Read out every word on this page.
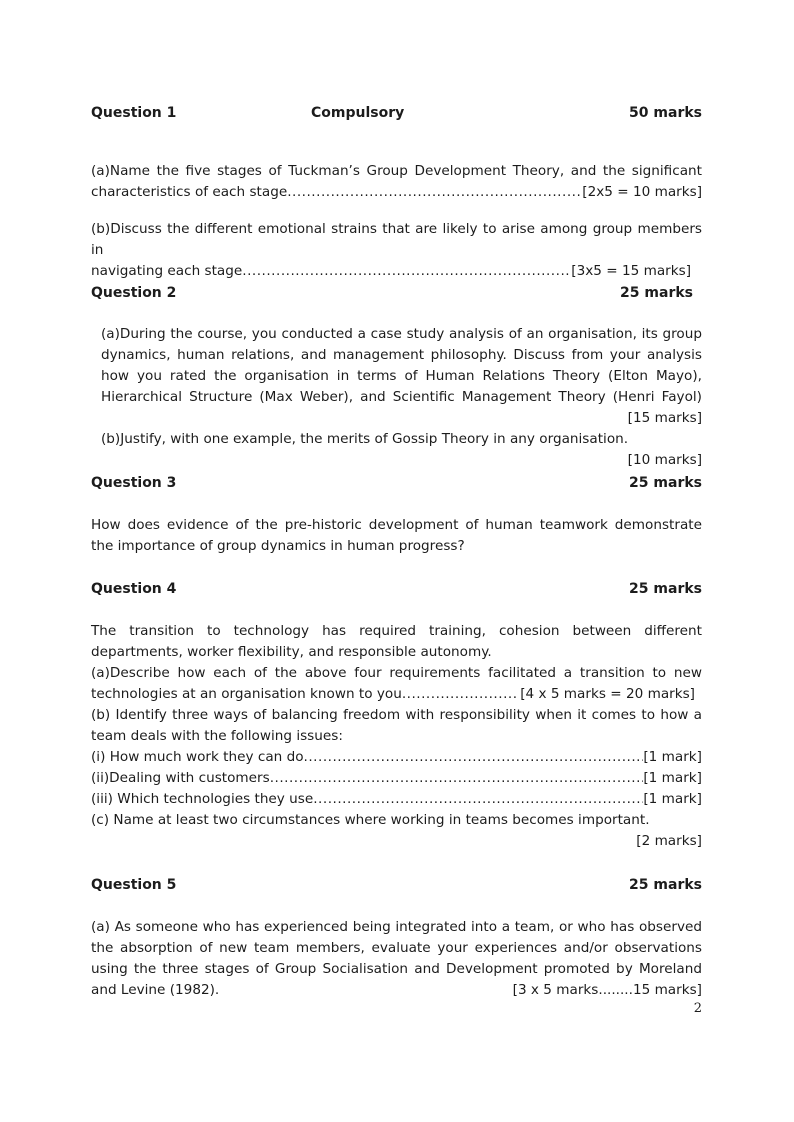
Question 1	Compulsory	50 marks
(a)Name the five stages of Tuckman’s Group Development Theory, and the significant
characteristics of each stage .....	[2x5 = 10 marks]
(b)Discuss the different emotional strains that are likely to arise among group members in
navigating each stage .....	[3x5 = 15 marks]
Question 2	25 marks
(a)During the course, you conducted a case study analysis of an organisation, its group
dynamics, human relations, and management philosophy. Discuss from your analysis
how you rated the organisation in terms of Human Relations Theory (Elton Mayo),
Hierarchical Structure (Max Weber), and Scientific Management Theory (Henri Fayol)
[15 marks]
(b)Justify, with one example, the merits of Gossip Theory in any organisation.
[10 marks]
Question 3	25 marks
How does evidence of the pre-historic development of human teamwork demonstrate
the importance of group dynamics in human progress?
Question 4	25 marks
The transition to technology has required training, cohesion between different
departments, worker flexibility, and responsible autonomy.
(a)Describe how each of the above four requirements facilitated a transition to new
technologies at an organisation known to you .....	[4 x 5 marks = 20 marks]
(b) Identify three ways of balancing freedom with responsibility when it comes to how a
team deals with the following issues:
(i) How much work they can do .....	[1 mark]
(ii)Dealing with customers .....	[1 mark]
(iii) Which technologies they use .....	[1 mark]
(c) Name at least two circumstances where working in teams becomes important.
[2 marks]
Question 5	25 marks
(a) As someone who has experienced being integrated into a team, or who has observed
the absorption of new team members, evaluate your experiences and/or observations
using the three stages of Group Socialisation and Development promoted by Moreland
and Levine (1982).	[3 x 5 marks........15 marks]
2
